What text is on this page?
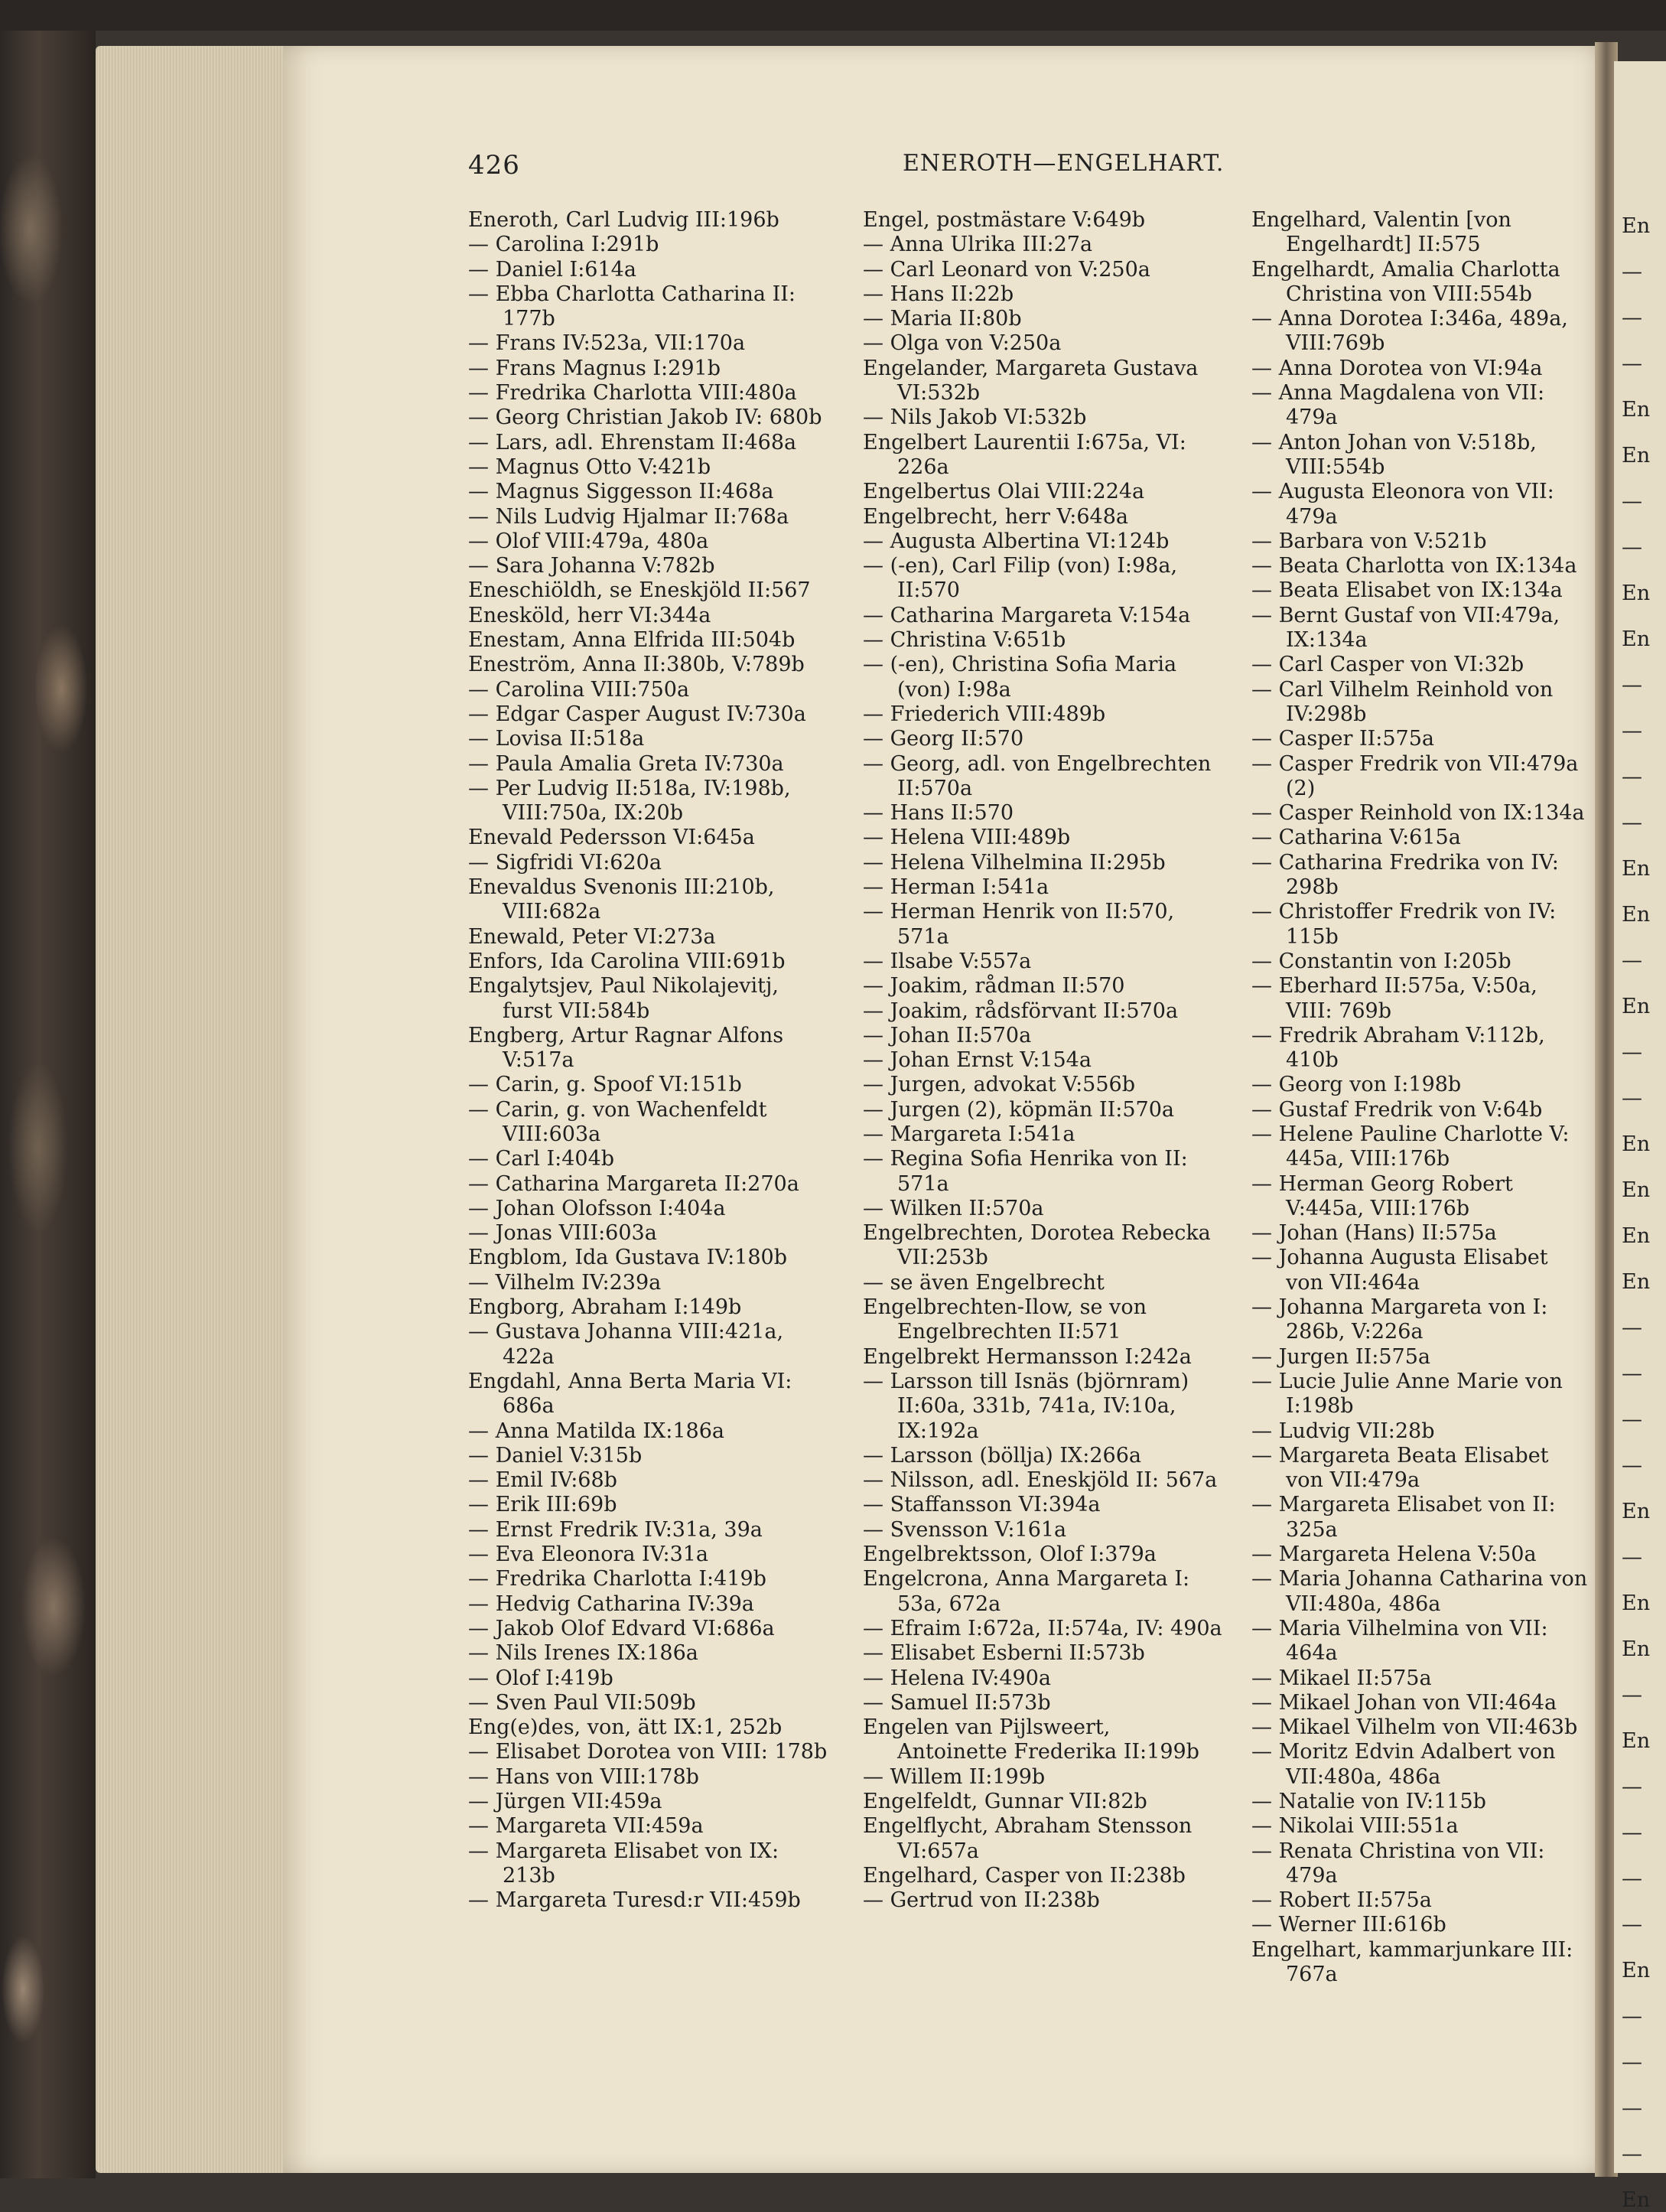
426	ENEROTH—ENGELHART.
Eneroth, Carl Ludvig III:196b
— Carolina I:291b
— Daniel I:614a
— Ebba Charlotta Catharina II: 177b
— Frans IV:523a, VII:170a
— Frans Magnus I:291b
— Fredrika Charlotta VIII:480a
— Georg Christian Jakob IV: 680b
— Lars, adl. Ehrenstam II:468a
— Magnus Otto V:421b
— Magnus Siggesson II:468a
— Nils Ludvig Hjalmar II:768a
— Olof VIII:479a, 480a
— Sara Johanna V:782b
Eneschiöldh, se Eneskjöld II:567
Enesköld, herr VI:344a
Enestam, Anna Elfrida III:504b
Eneström, Anna II:380b, V:789b
— Carolina VIII:750a
— Edgar Casper August IV:730a
— Lovisa II:518a
— Paula Amalia Greta IV:730a
— Per Ludvig II:518a, IV:198b, VIII:750a, IX:20b
Enevald Pedersson VI:645a
— Sigfridi VI:620a
Enevaldus Svenonis III:210b, VIII:682a
Enewald, Peter VI:273a
Enfors, Ida Carolina VIII:691b
Engalytsjev, Paul Nikolajevitj, furst VII:584b
Engberg, Artur Ragnar Alfons V:517a
— Carin, g. Spoof VI:151b
— Carin, g. von Wachenfeldt VIII:603a
— Carl I:404b
— Catharina Margareta II:270a
— Johan Olofsson I:404a
— Jonas VIII:603a
Engblom, Ida Gustava IV:180b
— Vilhelm IV:239a
Engborg, Abraham I:149b
— Gustava Johanna VIII:421a, 422a
Engdahl, Anna Berta Maria VI: 686a
— Anna Matilda IX:186a
— Daniel V:315b
— Emil IV:68b
— Erik III:69b
— Ernst Fredrik IV:31a, 39a
— Eva Eleonora IV:31a
— Fredrika Charlotta I:419b
— Hedvig Catharina IV:39a
— Jakob Olof Edvard VI:686a
— Nils Irenes IX:186a
— Olof I:419b
— Sven Paul VII:509b
Eng(e)des, von, ätt IX:1, 252b
— Elisabet Dorotea von VIII: 178b
— Hans von VIII:178b
— Jürgen VII:459a
— Margareta VII:459a
— Margareta Elisabet von IX: 213b
— Margareta Turesd:r VII:459b
Engel, postmästare V:649b
— Anna Ulrika III:27a
— Carl Leonard von V:250a
— Hans II:22b
— Maria II:80b
— Olga von V:250a
Engelander, Margareta Gustava VI:532b
— Nils Jakob VI:532b
Engelbert Laurentii I:675a, VI: 226a
Engelbertus Olai VIII:224a
Engelbrecht, herr V:648a
— Augusta Albertina VI:124b
— (-en), Carl Filip (von) I:98a, II:570
— Catharina Margareta V:154a
— Christina V:651b
— (-en), Christina Sofia Maria (von) I:98a
— Friederich VIII:489b
— Georg II:570
— Georg, adl. von Engelbrechten II:570a
— Hans II:570
— Helena VIII:489b
— Helena Vilhelmina II:295b
— Herman I:541a
— Herman Henrik von II:570, 571a
— Ilsabe V:557a
— Joakim, rådman II:570
— Joakim, rådsförvant II:570a
— Johan II:570a
— Johan Ernst V:154a
— Jurgen, advokat V:556b
— Jurgen (2), köpmän II:570a
— Margareta I:541a
— Regina Sofia Henrika von II: 571a
— Wilken II:570a
Engelbrechten, Dorotea Rebecka VII:253b
— se även Engelbrecht
Engelbrechten-Ilow, se von Engelbrechten II:571
Engelbrekt Hermansson I:242a
— Larsson till Isnäs (björnram) II:60a, 331b, 741a, IV:10a, IX:192a
— Larsson (böllja) IX:266a
— Nilsson, adl. Eneskjöld II: 567a
— Staffansson VI:394a
— Svensson V:161a
Engelbrektsson, Olof I:379a
Engelcrona, Anna Margareta I: 53a, 672a
— Efraim I:672a, II:574a, IV: 490a
— Elisabet Esberni II:573b
— Helena IV:490a
— Samuel II:573b
Engelen van Pijlsweert, Antoinette Frederika II:199b
— Willem II:199b
Engelfeldt, Gunnar VII:82b
Engelflycht, Abraham Stensson VI:657a
Engelhard, Casper von II:238b
— Gertrud von II:238b
Engelhard, Valentin [von Engelhardt] II:575
Engelhardt, Amalia Charlotta Christina von VIII:554b
— Anna Dorotea I:346a, 489a, VIII:769b
— Anna Dorotea von VI:94a
— Anna Magdalena von VII: 479a
— Anton Johan von V:518b, VIII:554b
— Augusta Eleonora von VII: 479a
— Barbara von V:521b
— Beata Charlotta von IX:134a
— Beata Elisabet von IX:134a
— Bernt Gustaf von VII:479a, IX:134a
— Carl Casper von VI:32b
— Carl Vilhelm Reinhold von IV:298b
— Casper II:575a
— Casper Fredrik von VII:479a (2)
— Casper Reinhold von IX:134a
— Catharina V:615a
— Catharina Fredrika von IV: 298b
— Christoffer Fredrik von IV: 115b
— Constantin von I:205b
— Eberhard II:575a, V:50a, VIII: 769b
— Fredrik Abraham V:112b, 410b
— Georg von I:198b
— Gustaf Fredrik von V:64b
— Helene Pauline Charlotte V: 445a, VIII:176b
— Herman Georg Robert V:445a, VIII:176b
— Johan (Hans) II:575a
— Johanna Augusta Elisabet von VII:464a
— Johanna Margareta von I: 286b, V:226a
— Jurgen II:575a
— Lucie Julie Anne Marie von I:198b
— Ludvig VII:28b
— Margareta Beata Elisabet von VII:479a
— Margareta Elisabet von II: 325a
— Margareta Helena V:50a
— Maria Johanna Catharina von VII:480a, 486a
— Maria Vilhelmina von VII: 464a
— Mikael II:575a
— Mikael Johan von VII:464a
— Mikael Vilhelm von VII:463b
— Moritz Edvin Adalbert von VII:480a, 486a
— Natalie von IV:115b
— Nikolai VIII:551a
— Renata Christina von VII: 479a
— Robert II:575a
— Werner III:616b
Engelhart, kammarjunkare III: 767a
En
—
—
—
En
En
—
—
En
En
—
—
—
—
En
En
—
En
—
—
En
En
En
En
—
—
—
—
En
—
En
En
—
En
—
—
—
—
En
—
—
—
—
En
